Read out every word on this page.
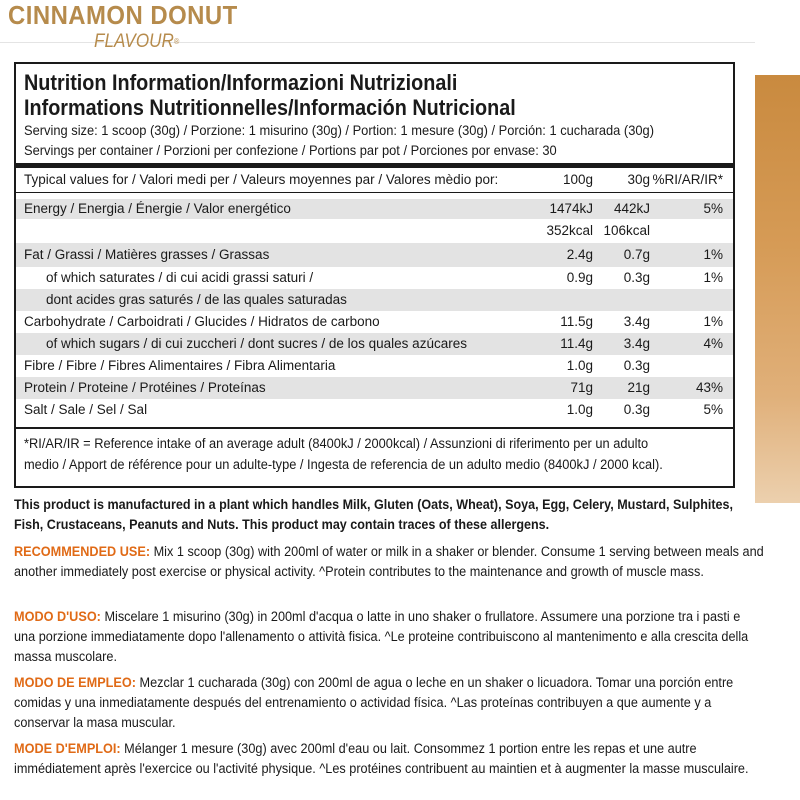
CINNAMON DONUT
FLAVOUR®
Nutrition Information/Informazioni Nutrizionali
Informations Nutritionnelles/Información Nutricional
Serving size: 1 scoop (30g) / Porzione: 1 misurino (30g) / Portion: 1 mesure (30g) / Porción: 1 cucharada (30g)
Servings per container / Porzioni per confezione / Portions par pot / Porciones por envase: 30
Typical values for / Valori medi per / Valeurs moyennes par / Valores mèdio por:	100g	30g %RI/AR/IR*
Energy / Energia / Énergie / Valor energético	1474kJ 442kJ	5%
352kcal 106kcal
Fat / Grassi / Matières grasses / Grassas	2.4g 0.7g	1%
of which saturates / di cui acidi grassi saturi /	0.9g 0.3g	1%
dont acides gras saturés / de las quales saturadas
Carbohydrate / Carboidrati / Glucides / Hidratos de carbono	11.5g 3.4g	1%
of which sugars / di cui zuccheri / dont sucres / de los quales azúcares	11.4g 3.4g	4%
Fibre / Fibre / Fibres Alimentaires / Fibra Alimentaria	1.0g 0.3g
Protein / Proteine / Protéines / Proteínas	71g	21g	43%
Salt / Sale / Sel / Sal	1.0g 0.3g	5%
*RI/AR/IR = Reference intake of an average adult (8400kJ / 2000kcal) / Assunzioni di riferimento per un adulto
medio / Apport de référence pour un adulte-type / Ingesta de referencia de un adulto medio (8400kJ / 2000 kcal).
This product is manufactured in a plant which handles Milk, Gluten (Oats, Wheat), Soya, Egg, Celery, Mustard, Sulphites, Fish, Crustaceans, Peanuts and Nuts. This product may contain traces of these allergens.
RECOMMENDED USE: Mix 1 scoop (30g) with 200ml of water or milk in a shaker or blender. Consume 1 serving between meals and another immediately post exercise or physical activity. ^Protein contributes to the maintenance and growth of muscle mass.
MODO D'USO: Miscelare 1 misurino (30g) in 200ml d'acqua o latte in uno shaker o frullatore. Assumere una porzione tra i pasti e una porzione immediatamente dopo l'allenamento o attività fisica. ^Le proteine contribuiscono al mantenimento e alla crescita della massa muscolare.
MODO DE EMPLEO: Mezclar 1 cucharada (30g) con 200ml de agua o leche en un shaker o licuadora. Tomar una porción entre comidas y una inmediatamente después del entrenamiento o actividad física. ^Las proteínas contribuyen a que aumente y a conservar la masa muscular.
MODE D'EMPLOI: Mélanger 1 mesure (30g) avec 200ml d'eau ou lait. Consommez 1 portion entre les repas et une autre immédiatement après l'exercice ou l'activité physique. ^Les protéines contribuent au maintien et à augmenter la masse musculaire.
